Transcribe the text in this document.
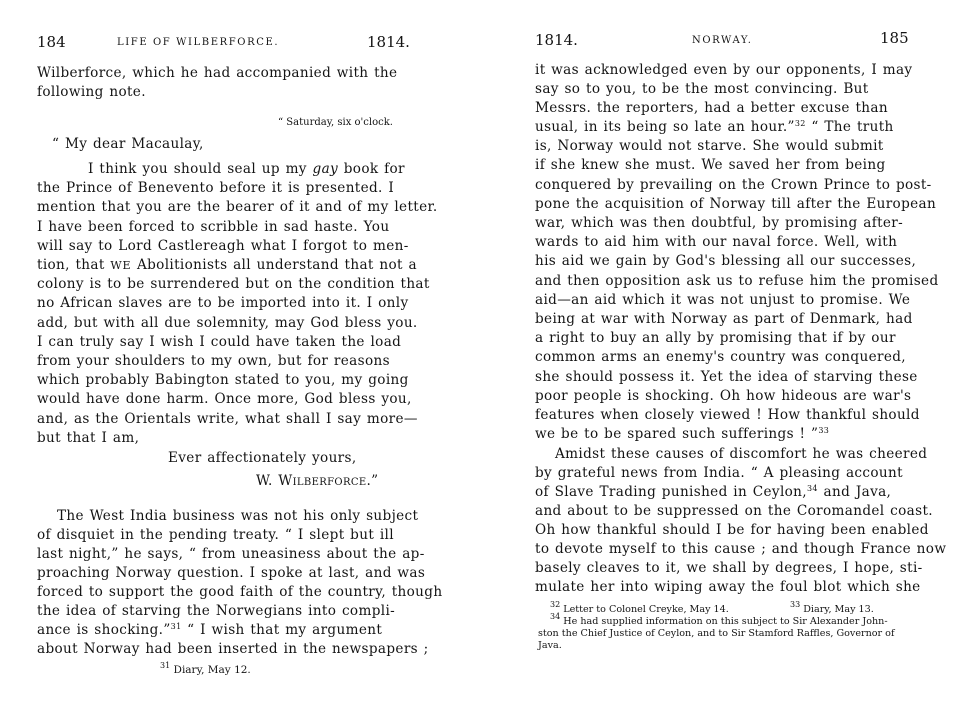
184	LIFE OF WILBERFORCE.	1814.
Wilberforce, which he had accompanied with the
following note.
“ Saturday, six o'clock.
“ My dear Macaulay,
I think you should seal up my gay book for
the Prince of Benevento before it is presented. I
mention that you are the bearer of it and of my letter.
I have been forced to scribble in sad haste. You
will say to Lord Castlereagh what I forgot to men-
tion, that WE Abolitionists all understand that not a
colony is to be surrendered but on the condition that
no African slaves are to be imported into it. I only
add, but with all due solemnity, may God bless you.
I can truly say I wish I could have taken the load
from your shoulders to my own, but for reasons
which probably Babington stated to you, my going
would have done harm. Once more, God bless you,
and, as the Orientals write, what shall I say more—
but that I am,
Ever affectionately yours,
W. Wilberforce.”
The West India business was not his only subject
of disquiet in the pending treaty. “ I slept but ill
last night,” he says, “ from uneasiness about the ap-
proaching Norway question. I spoke at last, and was
forced to support the good faith of the country, though
the idea of starving the Norwegians into compli-
ance is shocking.”$^{31}$ “ I wish that my argument
about Norway had been inserted in the newspapers ;
$^{31}$ Diary, May 12.
1814.	NORWAY.	185
it was acknowledged even by our opponents, I may
say so to you, to be the most convincing. But
Messrs. the reporters, had a better excuse than
usual, in its being so late an hour.”$^{32}$ “ The truth
is, Norway would not starve. She would submit
if she knew she must. We saved her from being
conquered by prevailing on the Crown Prince to post-
pone the acquisition of Norway till after the European
war, which was then doubtful, by promising after-
wards to aid him with our naval force. Well, with
his aid we gain by God's blessing all our successes,
and then opposition ask us to refuse him the promised
aid—an aid which it was not unjust to promise. We
being at war with Norway as part of Denmark, had
a right to buy an ally by promising that if by our
common arms an enemy's country was conquered,
she should possess it. Yet the idea of starving these
poor people is shocking. Oh how hideous are war's
features when closely viewed ! How thankful should
we be to be spared such sufferings ! ”$^{33}$
Amidst these causes of discomfort he was cheered
by grateful news from India. “ A pleasing account
of Slave Trading punished in Ceylon,$^{34}$ and Java,
and about to be suppressed on the Coromandel coast.
Oh how thankful should I be for having been enabled
to devote myself to this cause ; and though France now
basely cleaves to it, we shall by degrees, I hope, sti-
mulate her into wiping away the foul blot which she
$^{32}$ Letter to Colonel Creyke, May 14.	$^{33}$ Diary, May 13.
$^{34}$ He had supplied information on this subject to Sir Alexander John-
ston the Chief Justice of Ceylon, and to Sir Stamford Raffles, Governor of
Java.
